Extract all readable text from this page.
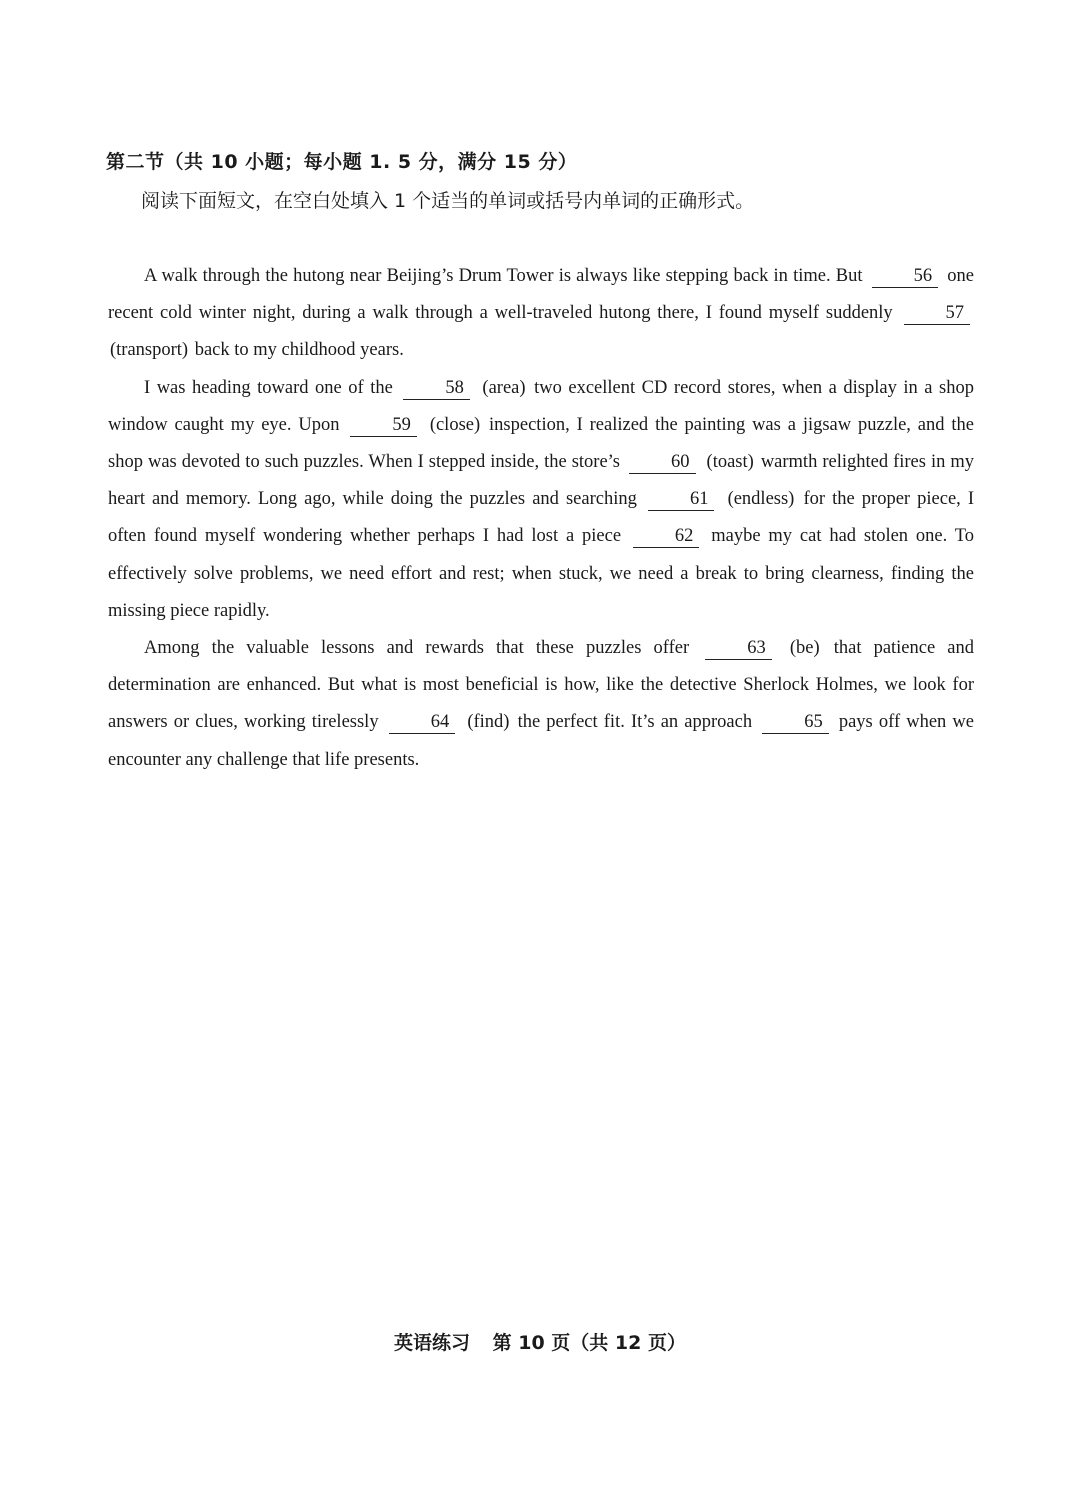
第二节（共 10 小题；每小题 1. 5 分，满分 15 分）
阅读下面短文，在空白处填入 1 个适当的单词或括号内单词的正确形式。

A walk through the hutong near Beijing’s Drum Tower is always like stepping back in time. But	56 one recent cold winter night, during a walk through a well-traveled hutong there, I found myself suddenly	57 (transport) back to my childhood years.

I was heading toward one of the	58 (area) two excellent CD record stores, when a display in a shop window caught my eye. Upon	59 (close) inspection, I realized the painting was a jigsaw puzzle, and the shop was devoted to such puzzles. When I stepped inside, the store’s	60 (toast) warmth relighted fires in my heart and memory. Long ago, while doing the puzzles and searching	61 (endless) for the proper piece, I often found myself wondering whether perhaps I had lost a piece	62 maybe my cat had stolen one. To effectively solve problems, we need effort and rest; when stuck, we need a break to bring clearness, finding the missing piece rapidly.

Among the valuable lessons and rewards that these puzzles offer	63 (be) that patience and determination are enhanced. But what is most beneficial is how, like the detective Sherlock Holmes, we look for answers or clues, working tirelessly	64 (find) the perfect fit. It’s an approach	65 pays off when we encounter any challenge that life presents.

英语练习 第 10 页（共 12 页）
